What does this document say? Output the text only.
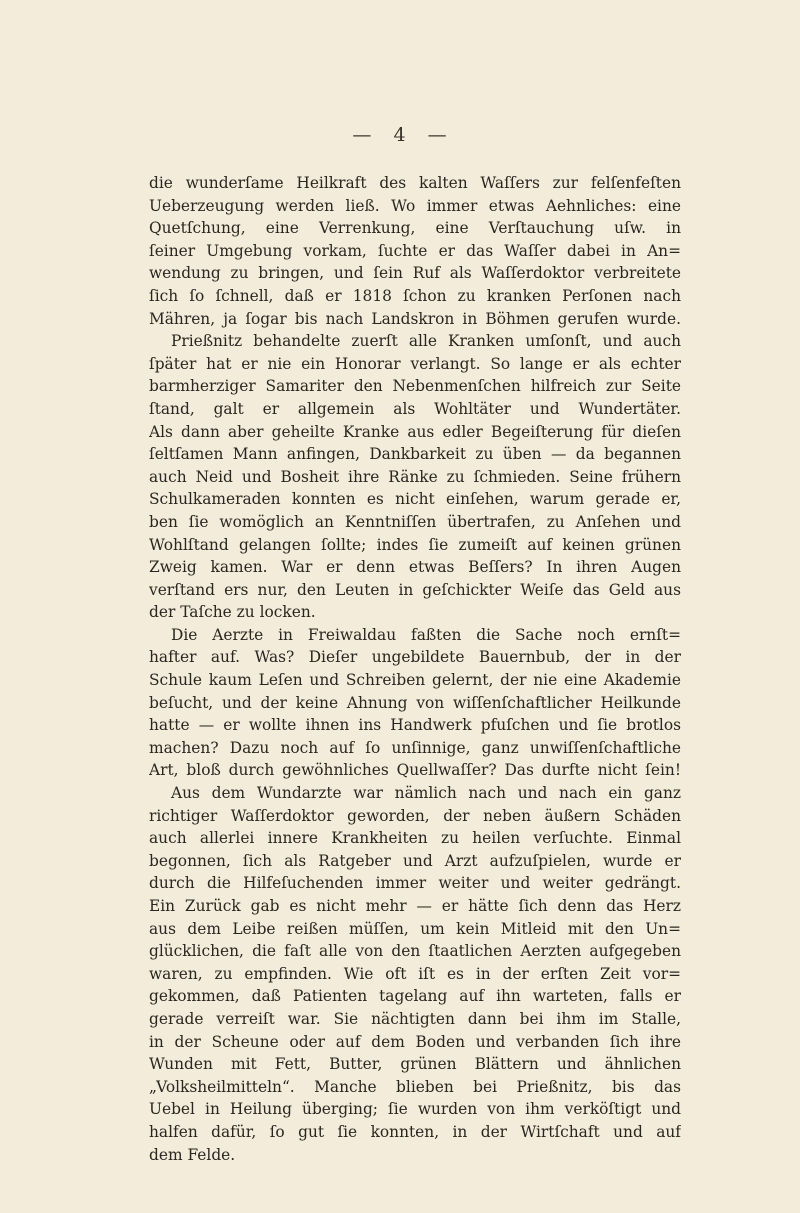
— 4 —
die wunderſame Heilkraft des kalten Waſſers zur felſenfeſten
Ueberzeugung werden ließ. Wo immer etwas Aehnliches: eine
Quetſchung, eine Verrenkung, eine Verſtauchung uſw. in
ſeiner Umgebung vorkam, ſuchte er das Waſſer dabei in An=
wendung zu bringen, und ſein Ruf als Waſſerdoktor verbreitete
ſich ſo ſchnell, daß er 1818 ſchon zu kranken Perſonen nach
Mähren, ja ſogar bis nach Landskron in Böhmen gerufen wurde.
Prießnitz behandelte zuerſt alle Kranken umſonſt, und auch
ſpäter hat er nie ein Honorar verlangt. So lange er als echter
barmherziger Samariter den Nebenmenſchen hilfreich zur Seite
ſtand, galt er allgemein als Wohltäter und Wundertäter.
Als dann aber geheilte Kranke aus edler Begeiſterung für dieſen
ſeltſamen Mann anfingen, Dankbarkeit zu üben — da begannen
auch Neid und Bosheit ihre Ränke zu ſchmieden. Seine frühern
Schulkameraden konnten es nicht einſehen, warum gerade er,
ben ſie womöglich an Kenntniſſen übertrafen, zu Anſehen und
Wohlſtand gelangen ſollte; indes ſie zumeiſt auf keinen grünen
Zweig kamen. War er denn etwas Beſſers? In ihren Augen
verſtand ers nur, den Leuten in geſchickter Weiſe das Geld aus
der Taſche zu locken.
Die Aerzte in Freiwaldau faßten die Sache noch ernſt=
hafter auf. Was? Dieſer ungebildete Bauernbub, der in der
Schule kaum Leſen und Schreiben gelernt, der nie eine Akademie
beſucht, und der keine Ahnung von wiſſenſchaftlicher Heilkunde
hatte — er wollte ihnen ins Handwerk pfuſchen und ſie brotlos
machen? Dazu noch auf ſo unſinnige, ganz unwiſſenſchaftliche
Art, bloß durch gewöhnliches Quellwaſſer? Das durfte nicht ſein!
Aus dem Wundarzte war nämlich nach und nach ein ganz
richtiger Waſſerdoktor geworden, der neben äußern Schäden
auch allerlei innere Krankheiten zu heilen verſuchte. Einmal
begonnen, ſich als Ratgeber und Arzt aufzuſpielen, wurde er
durch die Hilfeſuchenden immer weiter und weiter gedrängt.
Ein Zurück gab es nicht mehr — er hätte ſich denn das Herz
aus dem Leibe reißen müſſen, um kein Mitleid mit den Un=
glücklichen, die faſt alle von den ſtaatlichen Aerzten aufgegeben
waren, zu empfinden. Wie oft iſt es in der erſten Zeit vor=
gekommen, daß Patienten tagelang auf ihn warteten, falls er
gerade verreiſt war. Sie nächtigten dann bei ihm im Stalle,
in der Scheune oder auf dem Boden und verbanden ſich ihre
Wunden mit Fett, Butter, grünen Blättern und ähnlichen
„Volksheilmitteln“. Manche blieben bei Prießnitz, bis das
Uebel in Heilung überging; ſie wurden von ihm verköſtigt und
halfen dafür, ſo gut ſie konnten, in der Wirtſchaft und auf
dem Felde.
